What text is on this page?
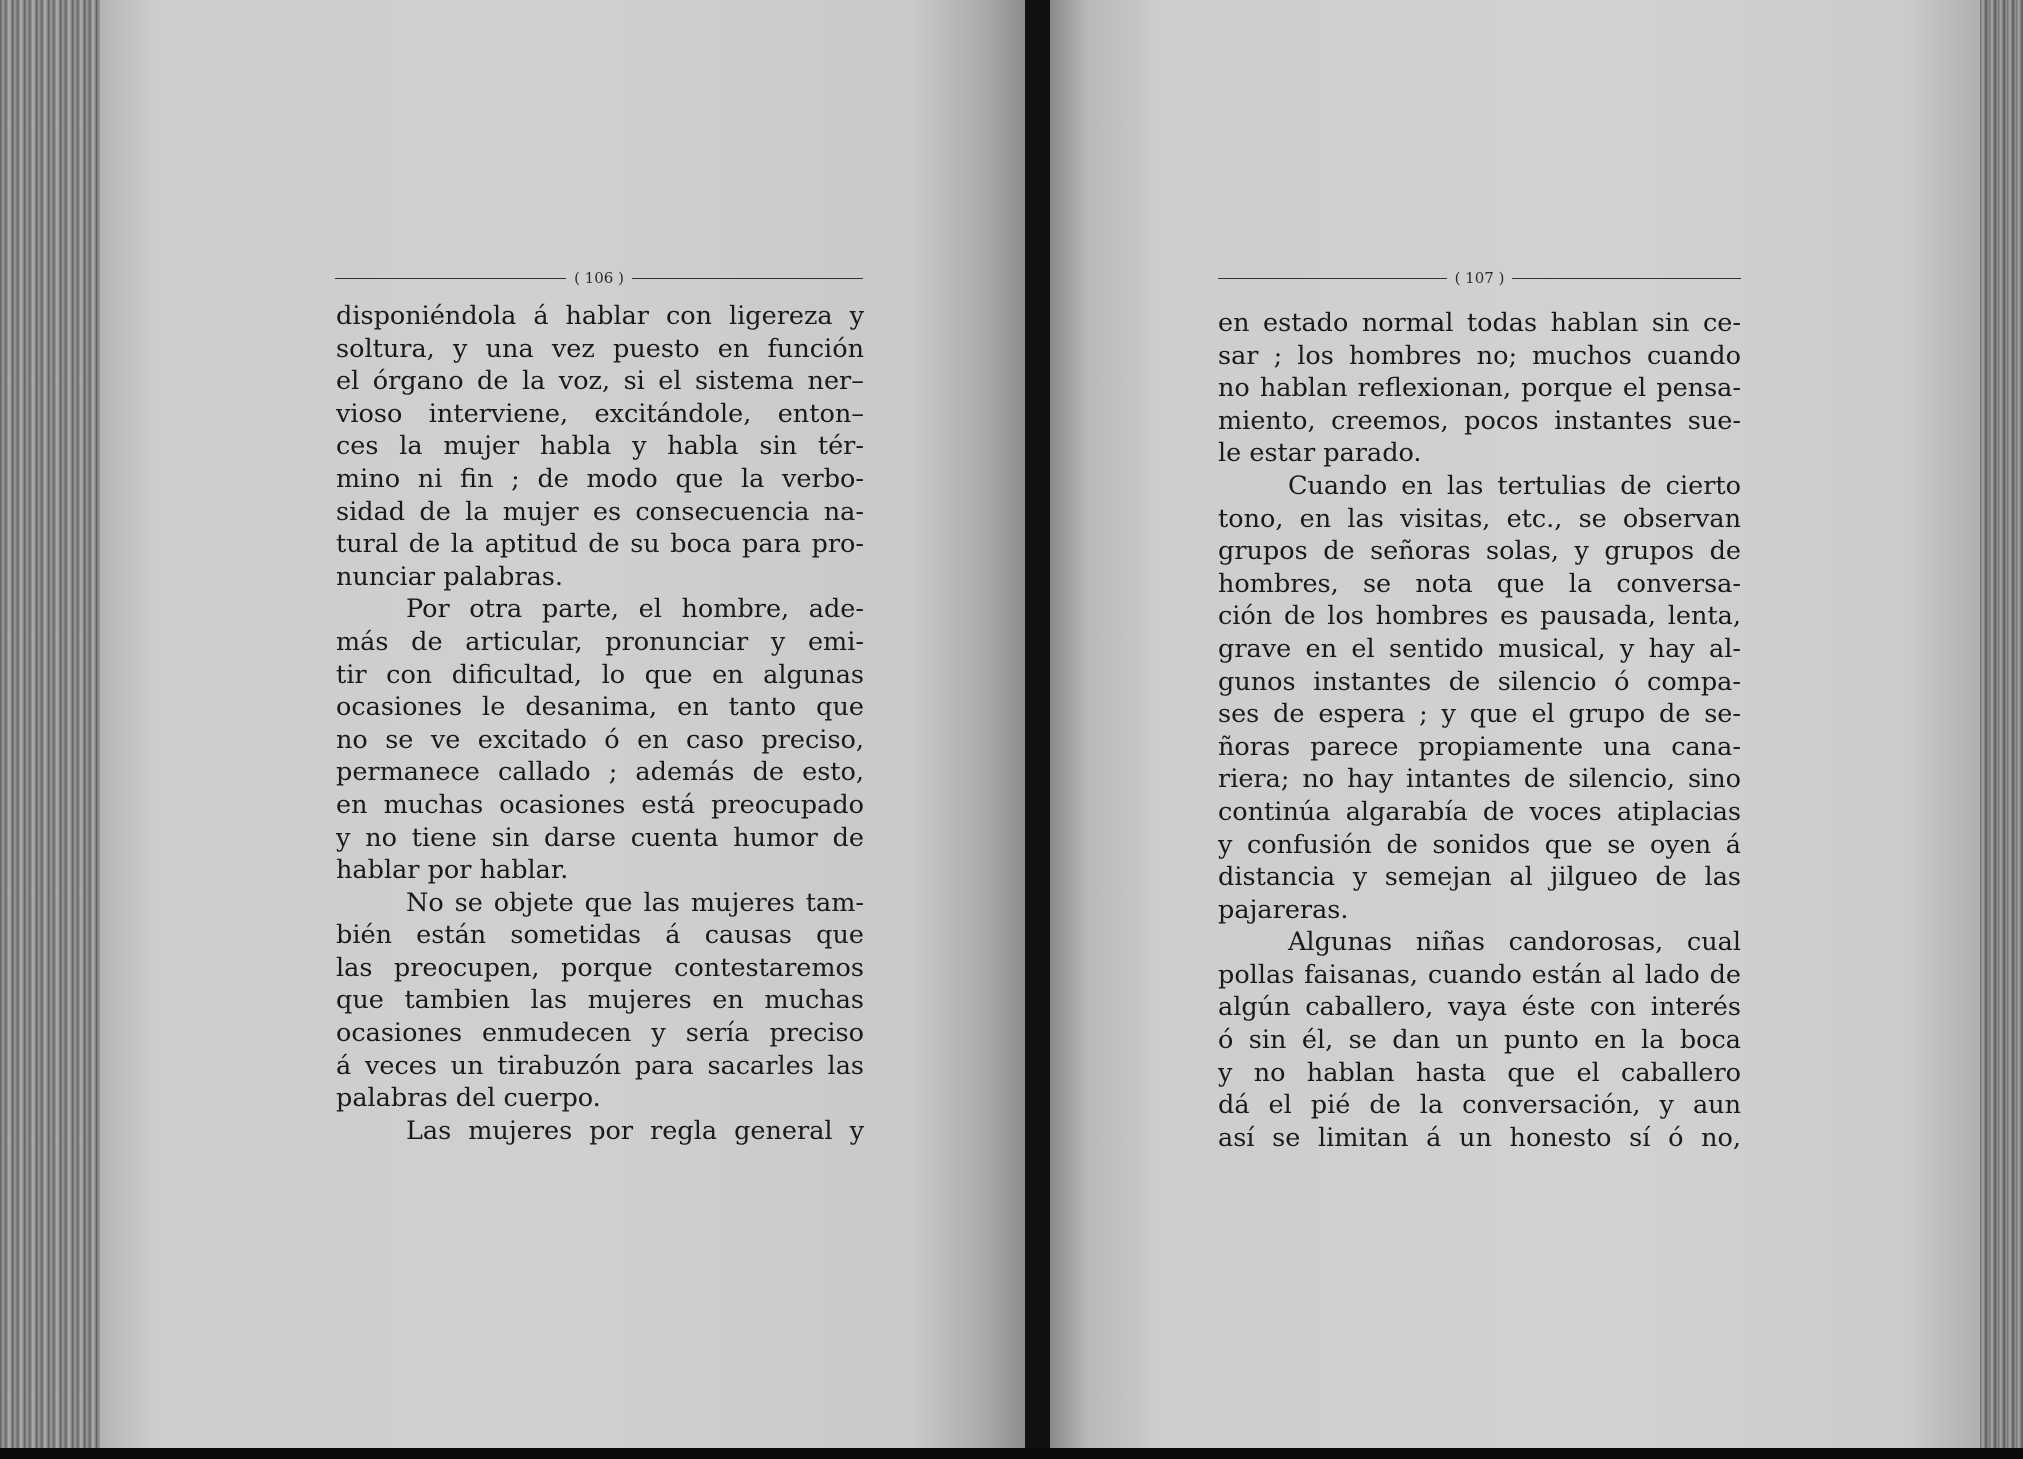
( 106 )	( 107 )
disponiéndola á hablar con ligereza y
soltura, y una vez puesto en función
el órgano de la voz, si el sistema ner–
vioso interviene, excitándole, enton–
ces la mujer habla y habla sin tér-
mino ni fin ; de modo que la verbo-
sidad de la mujer es consecuencia na-
tural de la aptitud de su boca para pro-
nunciar palabras.
Por otra parte, el hombre, ade-
más de articular, pronunciar y emi-
tir con dificultad, lo que en algunas
ocasiones le desanima, en tanto que
no se ve excitado ó en caso preciso,
permanece callado ; además de esto,
en muchas ocasiones está preocupado
y no tiene sin darse cuenta humor de
hablar por hablar.
No se objete que las mujeres tam-
bién están sometidas á causas que
las preocupen, porque contestaremos
que tambien las mujeres en muchas
ocasiones enmudecen y sería preciso
á veces un tirabuzón para sacarles las
palabras del cuerpo.
Las mujeres por regla general y
en estado normal todas hablan sin ce-
sar ; los hombres no; muchos cuando
no hablan reflexionan, porque el pensa-
miento, creemos, pocos instantes sue-
le estar parado.
Cuando en las tertulias de cierto
tono, en las visitas, etc., se observan
grupos de señoras solas, y grupos de
hombres, se nota que la conversa-
ción de los hombres es pausada, lenta,
grave en el sentido musical, y hay al-
gunos instantes de silencio ó compa-
ses de espera ; y que el grupo de se-
ñoras parece propiamente una cana-
riera; no hay intantes de silencio, sino
continúa algarabía de voces atiplacias
y confusión de sonidos que se oyen á
distancia y semejan al jilgueo de las
pajareras.
Algunas niñas candorosas, cual
pollas faisanas, cuando están al lado de
algún caballero, vaya éste con interés
ó sin él, se dan un punto en la boca
y no hablan hasta que el caballero
dá el pié de la conversación, y aun
así se limitan á un honesto sí ó no,
